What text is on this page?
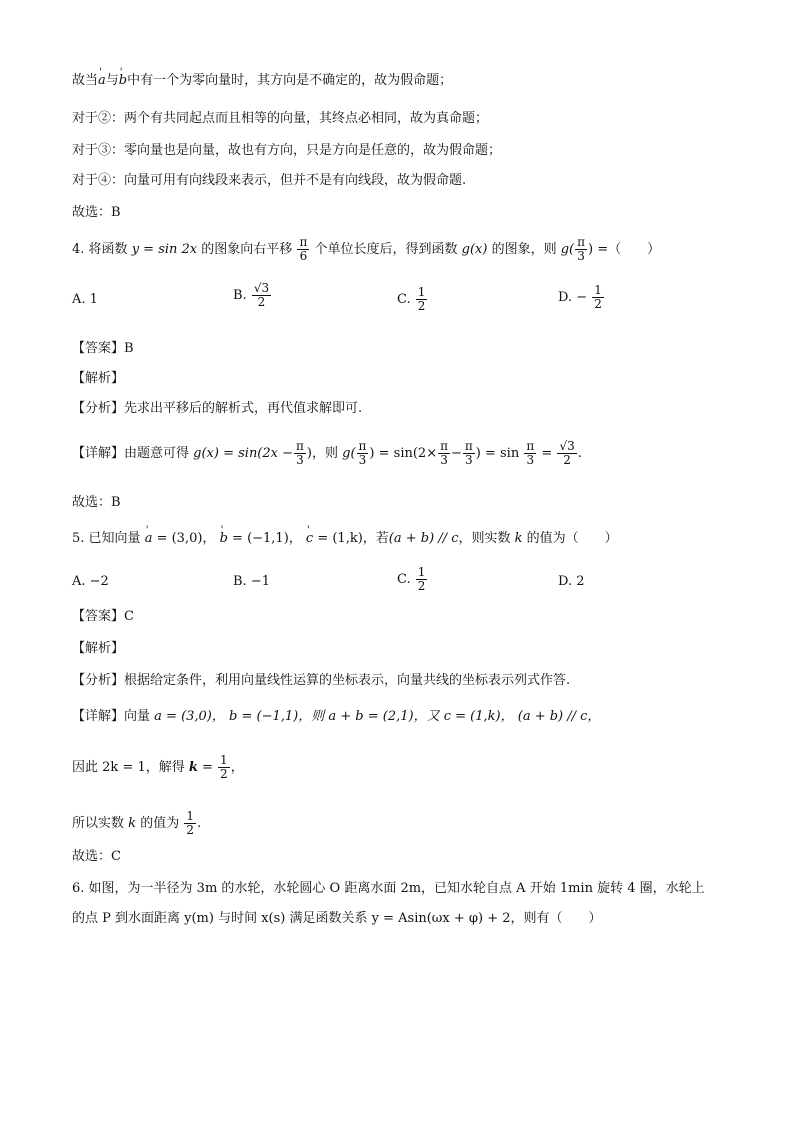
故当' a与' b中有一个为零向量时，其方向是不确定的，故为假命题；
对于②：两个有共同起点而且相等的向量，其终点必相同，故为真命题；
对于③：零向量也是向量，故也有方向，只是方向是任意的，故为假命题；
对于④：向量可用有向线段来表示，但并不是有向线段，故为假命题.
故选：B
4. 将函数 y = sin 2x 的图象向右平移 $\frac{\pi}{6}$ 个单位长度后，得到函数 g(x) 的图象，则 $g( \frac{\pi}{3}$ ) =（　　）
A. 1	B. $\frac{√3}{2}$	C. $\frac{1}{2}$	D. − $\frac{1}{2}$
【答案】B
【解析】
【分析】先求出平移后的解析式，再代值求解即可.
【详解】由题意可得 $g(x) = \sin(2x - \frac{\pi}{3}$ )，则 $g( \frac{\pi}{3}$ ) = $\sin(2\times \frac{\pi}{3} - \frac{\pi}{3}$ ) = $\sin \frac{\pi}{3} = \frac{√3}{2}$ .
故选：B
5. 已知向量 ' a = (3,0)， ' b = (−1,1)， ' c = (1,k)，若(a + b) // c，则实数 k 的值为（　　）
A. −2	B. −1	C. $\frac{1}{2}$	D. 2
【答案】C
【解析】
【分析】根据给定条件，利用向量线性运算的坐标表示，向量共线的坐标表示列式作答.
【详解】向量 a = (3,0)， b = (−1,1)，则 a + b = (2,1)，又 c = (1,k)， (a + b) // c，
因此 2k = 1，解得 $k = \frac{1}{2}$ ，
所以实数 k 的值为 $\frac{1}{2}$ .
故选：C
6. 如图，为一半径为 3m 的水轮，水轮圆心 O 距离水面 2m，已知水轮自点 A 开始 1min 旋转 4 圈，水轮上
的点 P 到水面距离 y(m) 与时间 x(s) 满足函数关系 y = Asin(ωx + φ) + 2，则有（　　）
